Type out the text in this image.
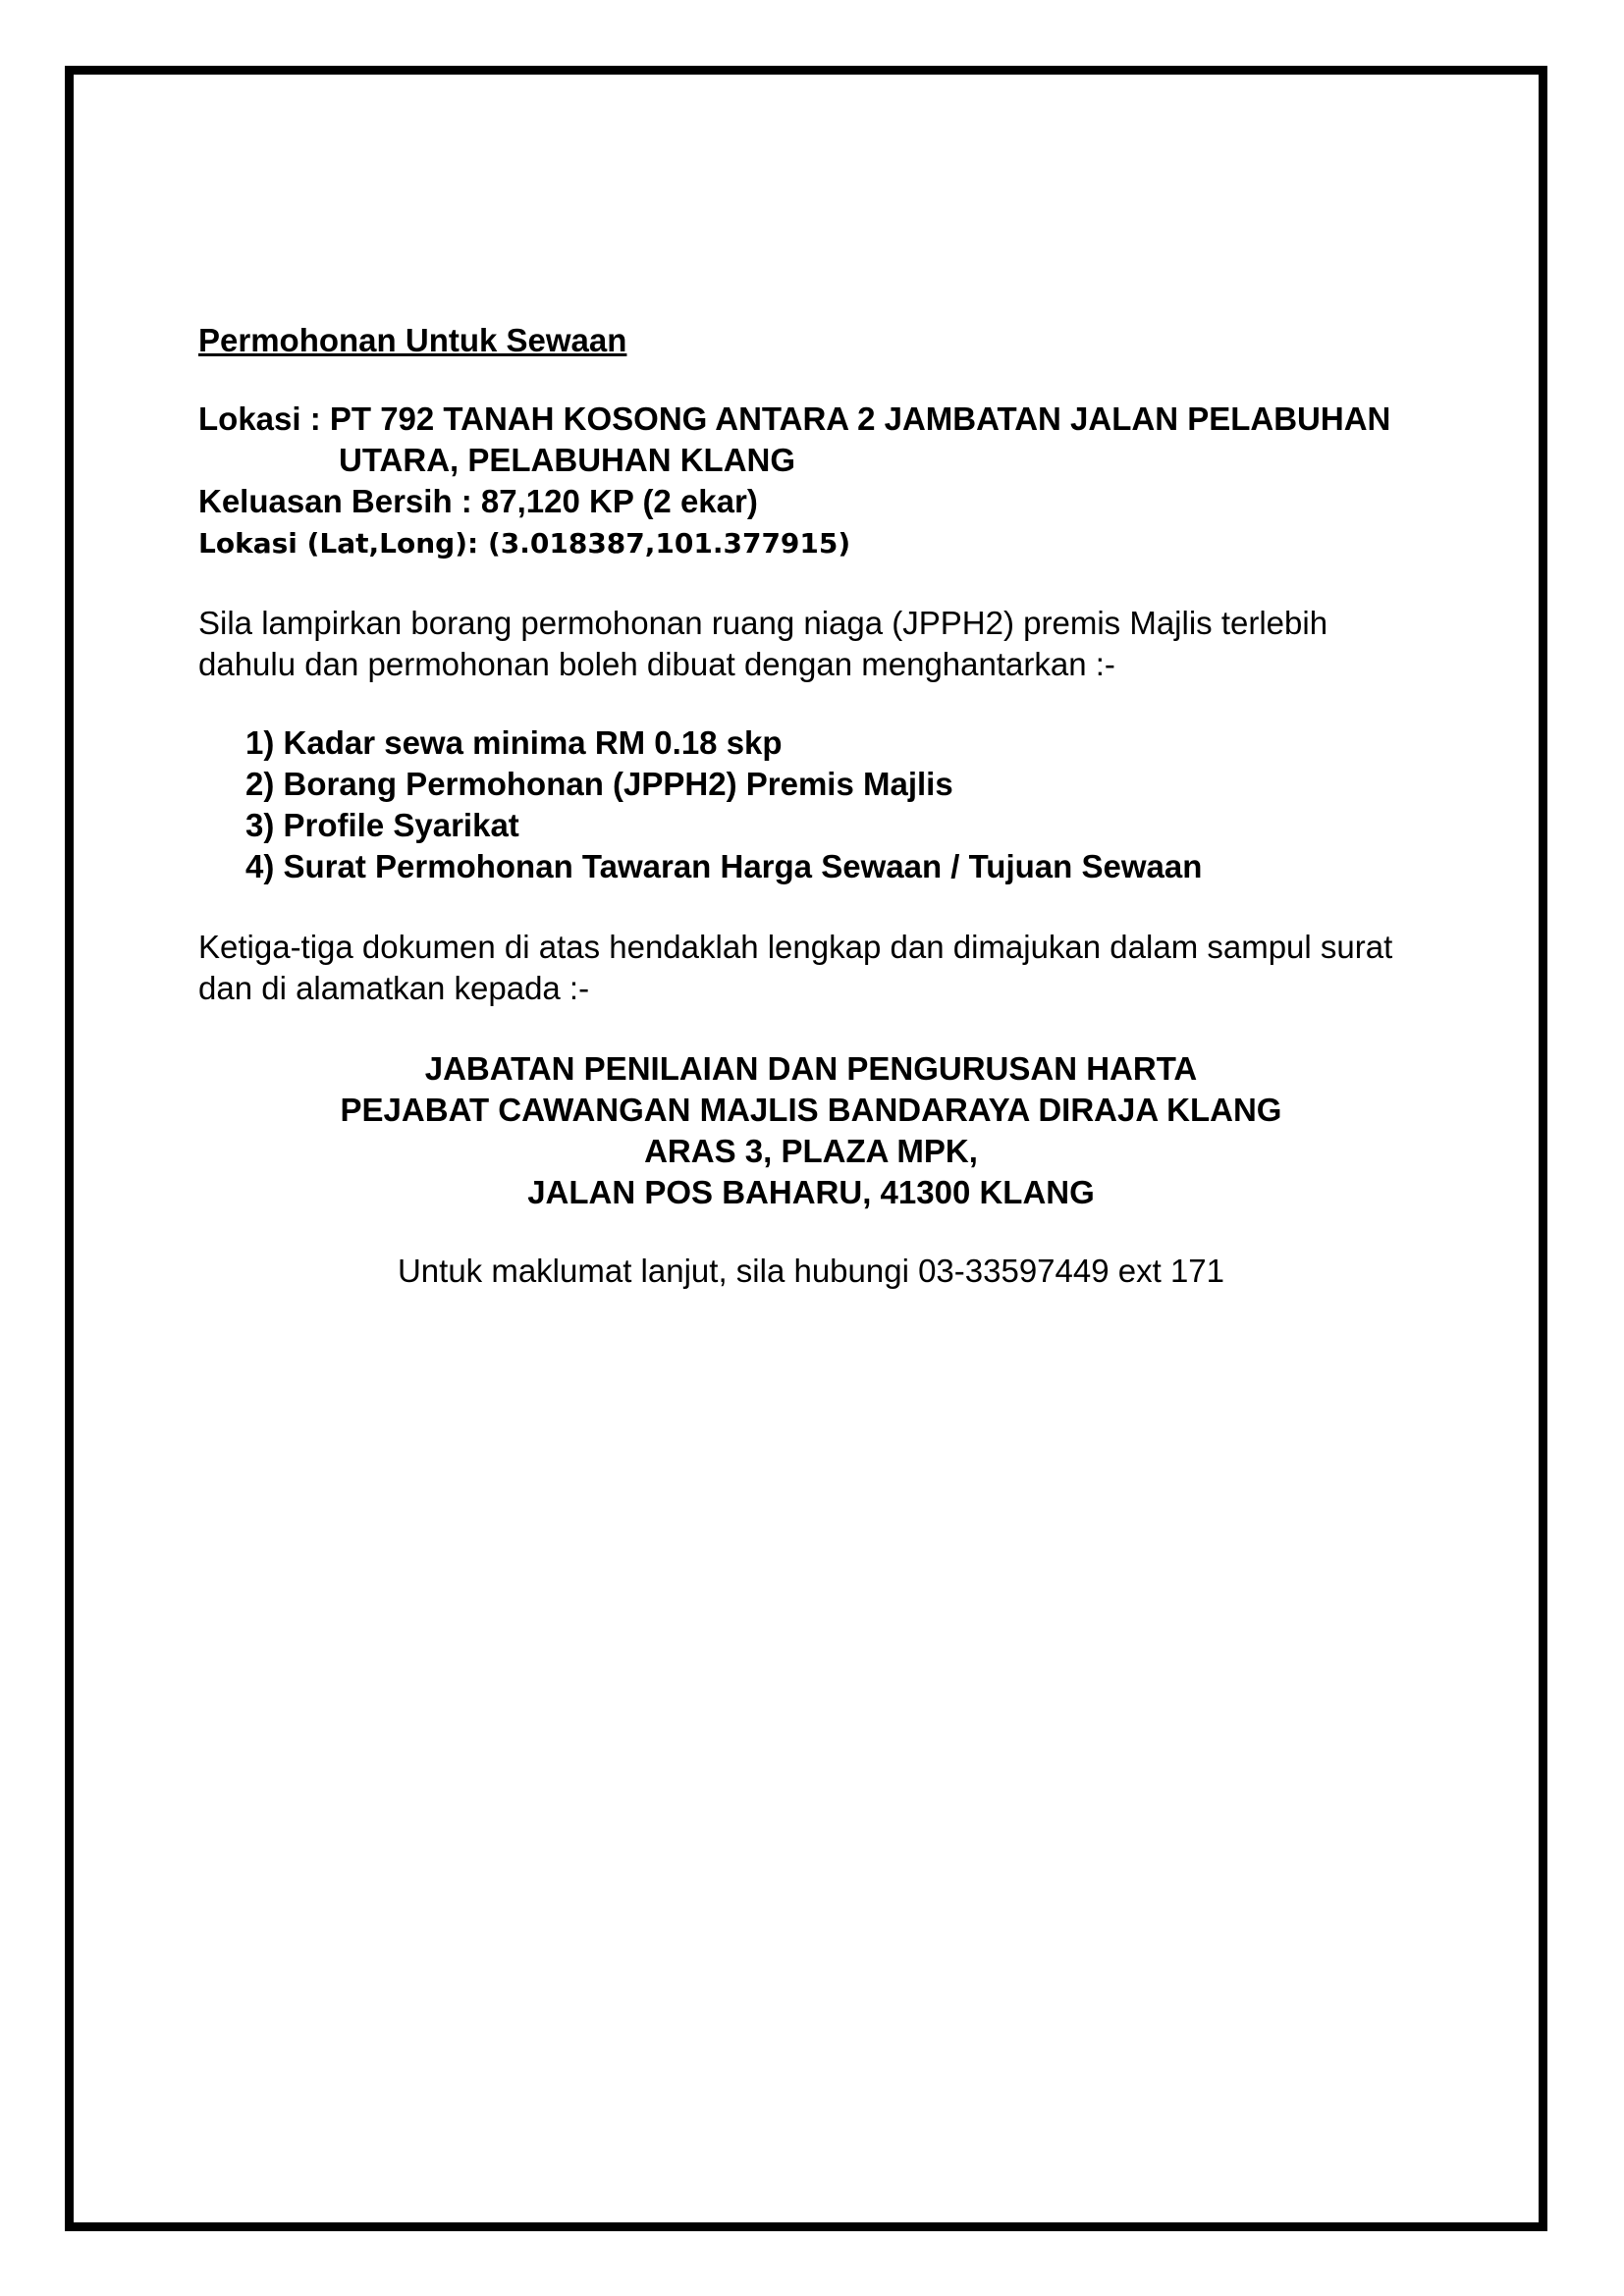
Permohonan Untuk Sewaan

Lokasi : PT 792 TANAH KOSONG ANTARA 2 JAMBATAN JALAN PELABUHAN

UTARA, PELABUHAN KLANG

Keluasan Bersih : 87,120 KP (2 ekar)

Lokasi (Lat,Long): (3.018387,101.377915)

Sila lampirkan borang permohonan ruang niaga (JPPH2) premis Majlis terlebih

dahulu dan permohonan boleh dibuat dengan menghantarkan :-

1) Kadar sewa minima RM 0.18 skp
2) Borang Permohonan (JPPH2) Premis Majlis
3) Profile Syarikat
4) Surat Permohonan Tawaran Harga Sewaan / Tujuan Sewaan

Ketiga-tiga dokumen di atas hendaklah lengkap dan dimajukan dalam sampul surat

dan di alamatkan kepada :-

JABATAN PENILAIAN DAN PENGURUSAN HARTA

PEJABAT CAWANGAN MAJLIS BANDARAYA DIRAJA KLANG

ARAS 3, PLAZA MPK,

JALAN POS BAHARU, 41300 KLANG

Untuk maklumat lanjut, sila hubungi 03-33597449 ext 171
